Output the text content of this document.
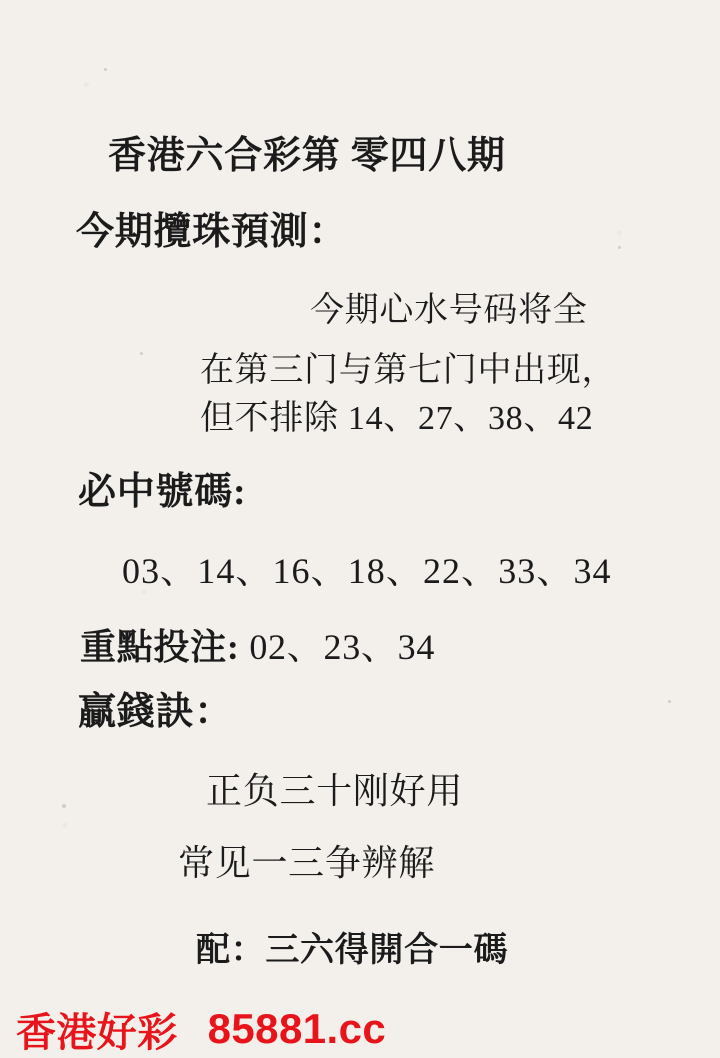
香港六合彩第 零四八期
今期攬珠預測：
今期心水号码将全
在第三门与第七门中出现，
但不排除 14、27、38、42
必中號碼:
03、14、16、18、22、33、34
重點投注: 02、23、34
贏錢訣：
正负三十刚好用
常见一三争辨解
配：三六得開合一碼
香港好彩 85881.cc
